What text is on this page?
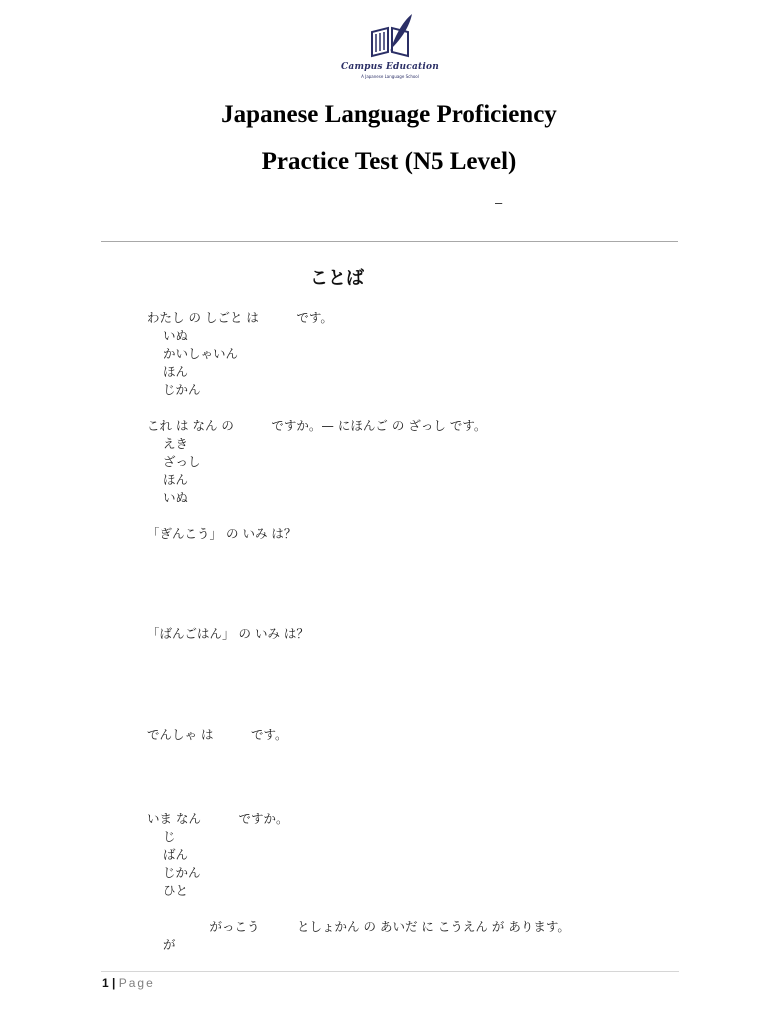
Campus Education
A Japanese Language School
Japanese Language Proficiency
Practice Test (N5 Level)
–
ことば
わたし の しごと は　　　です。
いぬ
かいしゃいん
ほん
じかん
これ は なん の　　　ですか。— にほんご の ざっし です。
えき
ざっし
ほん
いぬ
「ぎんこう」 の いみ は？
「ばんごはん」 の いみ は？
でんしゃ は　　　です。
いま なん　　　ですか。
じ
ばん
じかん
ひと
　　　　　がっこう　　　としょかん の あいだ に こうえん が あります。
が
1 | Page
